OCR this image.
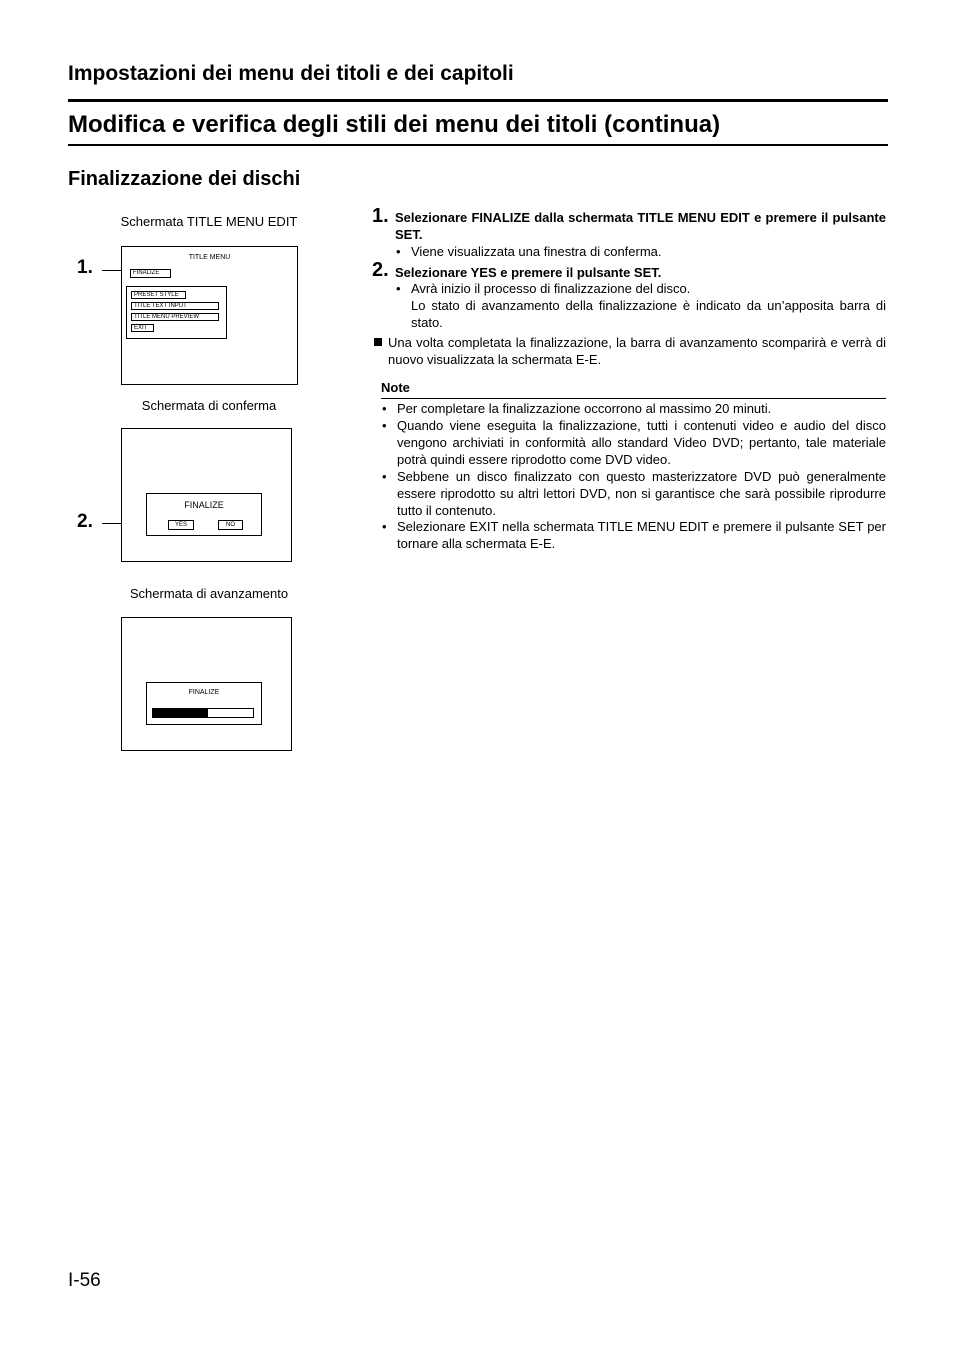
Impostazioni dei menu dei titoli e dei capitoli
Modifica e verifica degli stili dei menu dei titoli (continua)
Finalizzazione dei dischi
Schermata TITLE MENU EDIT
1.	TITLE MENU
FINALIZE
PRESET STYLE
TITLE TEXT INPUT
TITLE MENU PREVIEW
EXIT
Schermata di conferma
2.
FINALIZE
YES	NO
Schermata di avanzamento
FINALIZE
1. Selezionare FINALIZE dalla schermata TITLE MENU EDIT e premere il pulsante SET.
• Viene visualizzata una finestra di conferma.
2. Selezionare YES e premere il pulsante SET.
• Avrà inizio il processo di finalizzazione del disco.
Lo stato di avanzamento della finalizzazione è indicato da un’apposita barra di stato.
Una volta completata la finalizzazione, la barra di avanzamento scomparirà e verrà di nuovo visualizzata la schermata E-E.
Note
• Per completare la finalizzazione occorrono al massimo 20 minuti.
• Quando viene eseguita la finalizzazione, tutti i contenuti video e audio del disco vengono archiviati in conformità allo standard Video DVD; pertanto, tale materiale potrà quindi essere riprodotto come DVD video.
• Sebbene un disco finalizzato con questo masterizzatore DVD può generalmente essere riprodotto su altri lettori DVD, non si garantisce che sarà possibile riprodurre tutto il contenuto.
• Selezionare EXIT nella schermata TITLE MENU EDIT e premere il pulsante SET per tornare alla schermata E-E.
I-56
